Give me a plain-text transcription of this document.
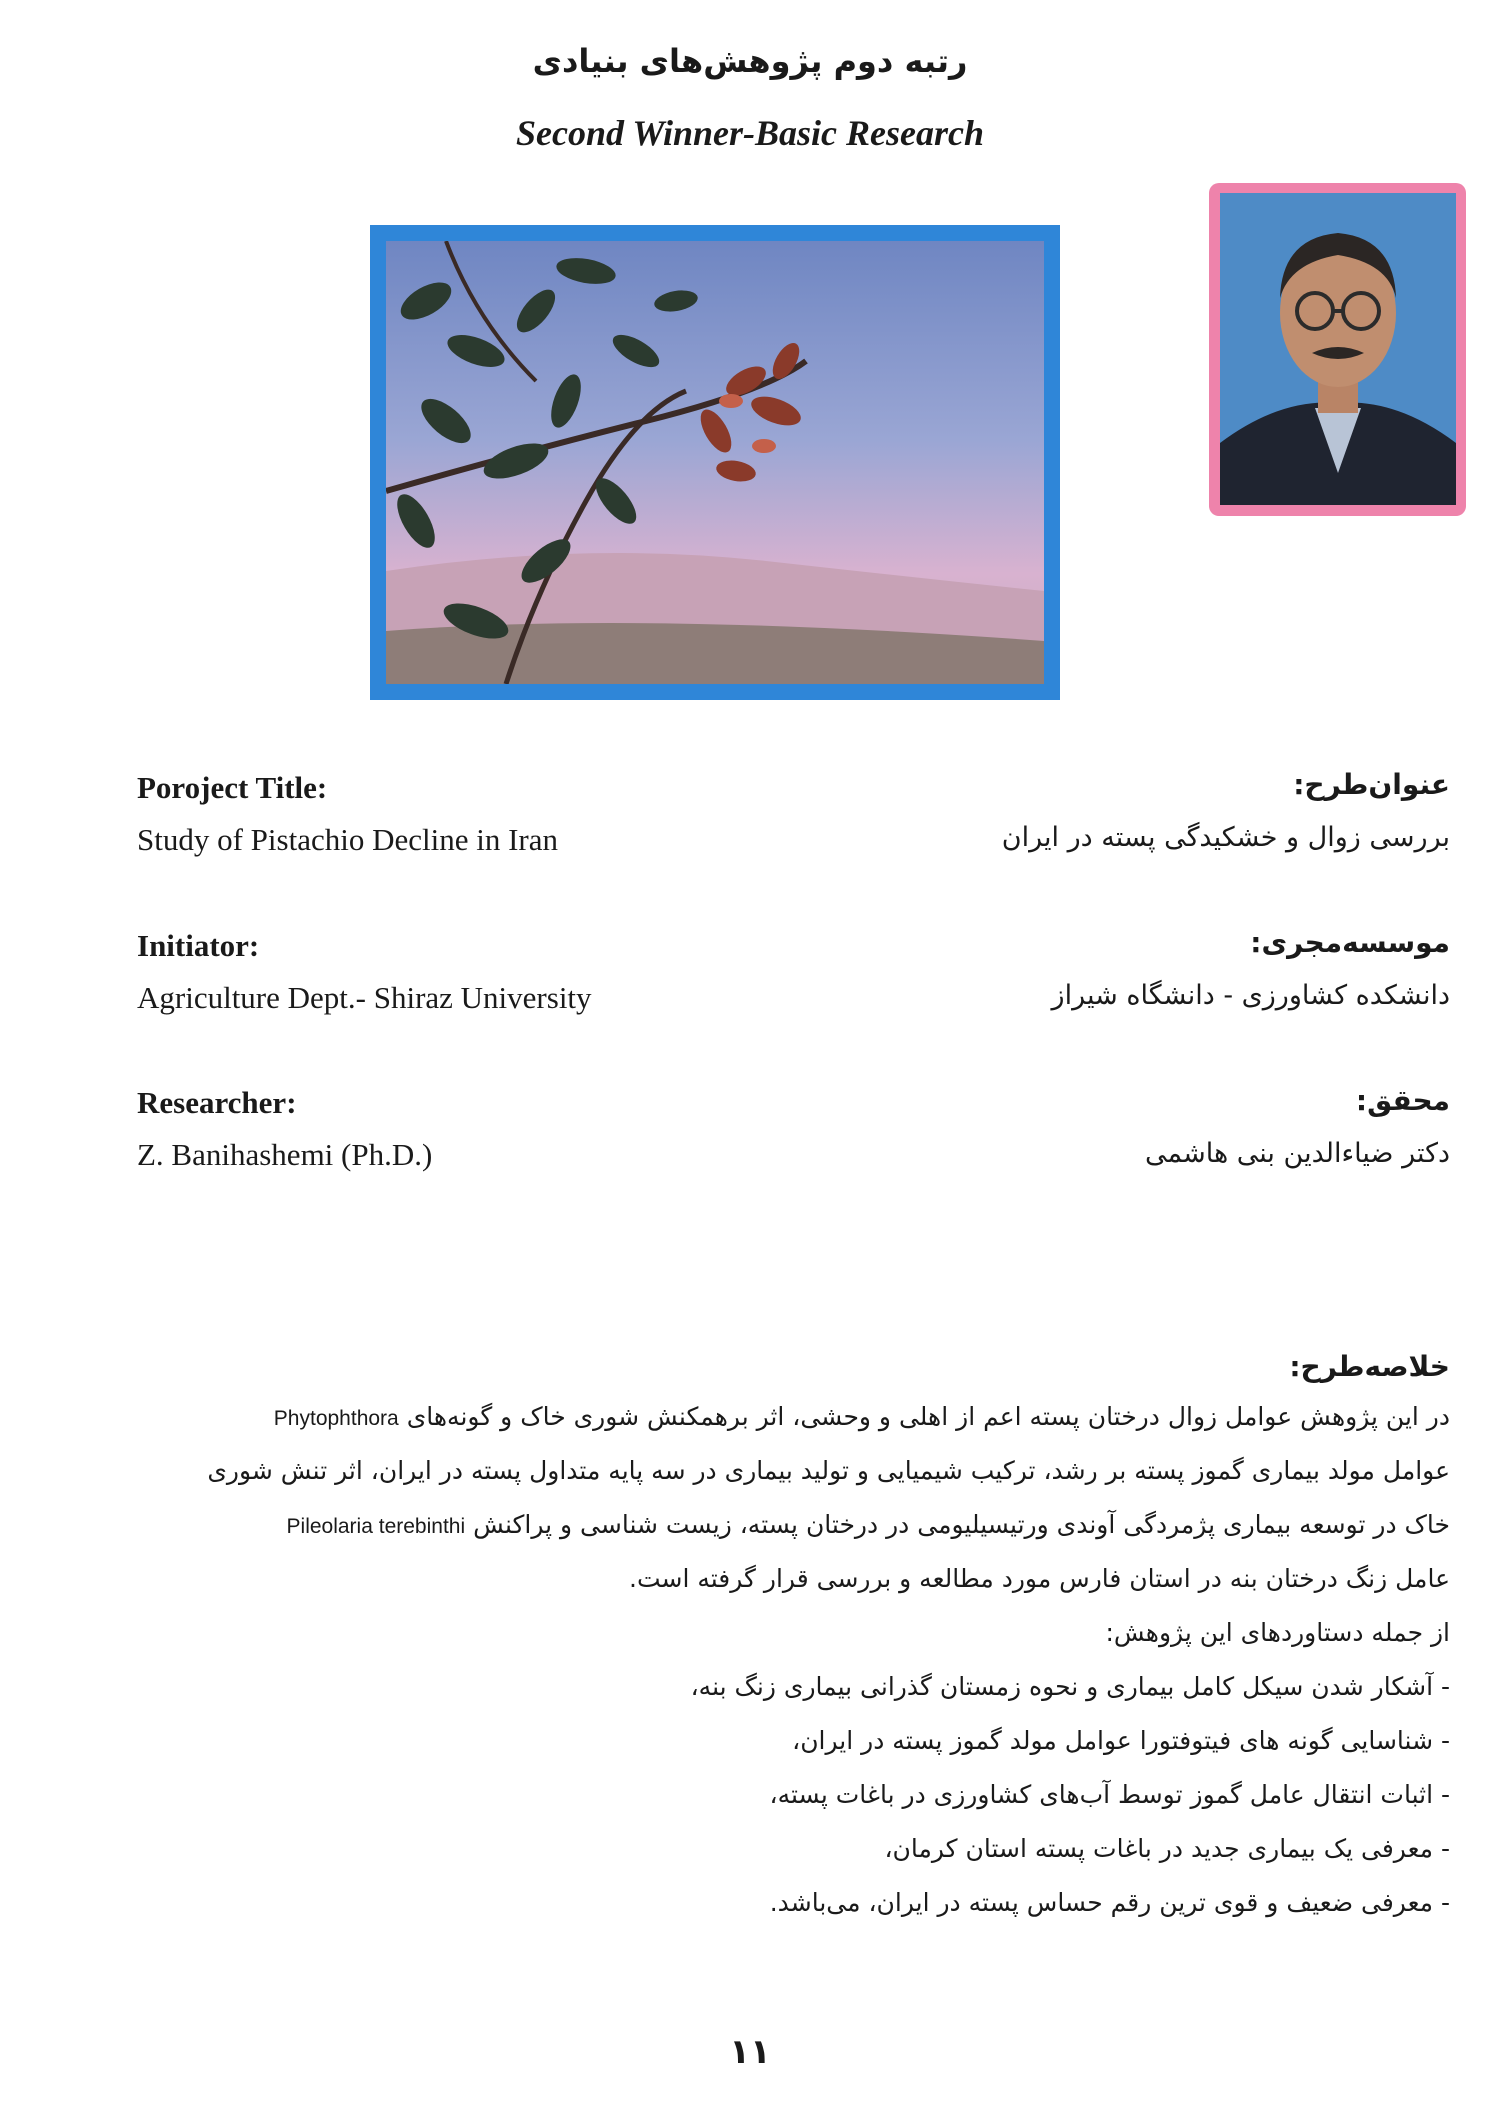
رتبه دوم پژوهش‌های بنیادی
Second Winner-Basic Research
Poroject Title:
Study of Pistachio Decline in Iran
Initiator:
Agriculture Dept.- Shiraz University
Researcher:
Z. Banihashemi (Ph.D.)
عنوان‌طرح:
بررسی زوال و خشکیدگی پسته در ایران
موسسه‌مجری:
دانشکده کشاورزی - دانشگاه شیراز
محقق:
دکتر ضیاءالدین بنی هاشمی
خلاصه‌طرح:
در این پژوهش عوامل زوال درختان پسته اعم از اهلی و وحشی، اثر برهمکنش شوری خاک و گونه‌های Phytophthora
عوامل مولد بیماری گموز پسته بر رشد، ترکیب شیمیایی و تولید بیماری در سه پایه متداول پسته در ایران، اثر تنش شوری
خاک در توسعه بیماری پژمردگی آوندی ورتیسیلیومی در درختان پسته، زیست شناسی و پراکنش Pileolaria terebinthi
عامل زنگ درختان بنه در استان فارس مورد مطالعه و بررسی قرار گرفته است.
از جمله دستاوردهای این پژوهش:
- آشکار شدن سیکل کامل بیماری و نحوه زمستان گذرانی بیماری زنگ بنه،
- شناسایی گونه های فیتوفتورا عوامل مولد گموز پسته در ایران،
- اثبات انتقال عامل گموز توسط آب‌های کشاورزی در باغات پسته،
- معرفی یک بیماری جدید در باغات پسته استان کرمان،
- معرفی ضعیف و قوی ترین رقم حساس پسته در ایران، می‌باشد.
۱۱
